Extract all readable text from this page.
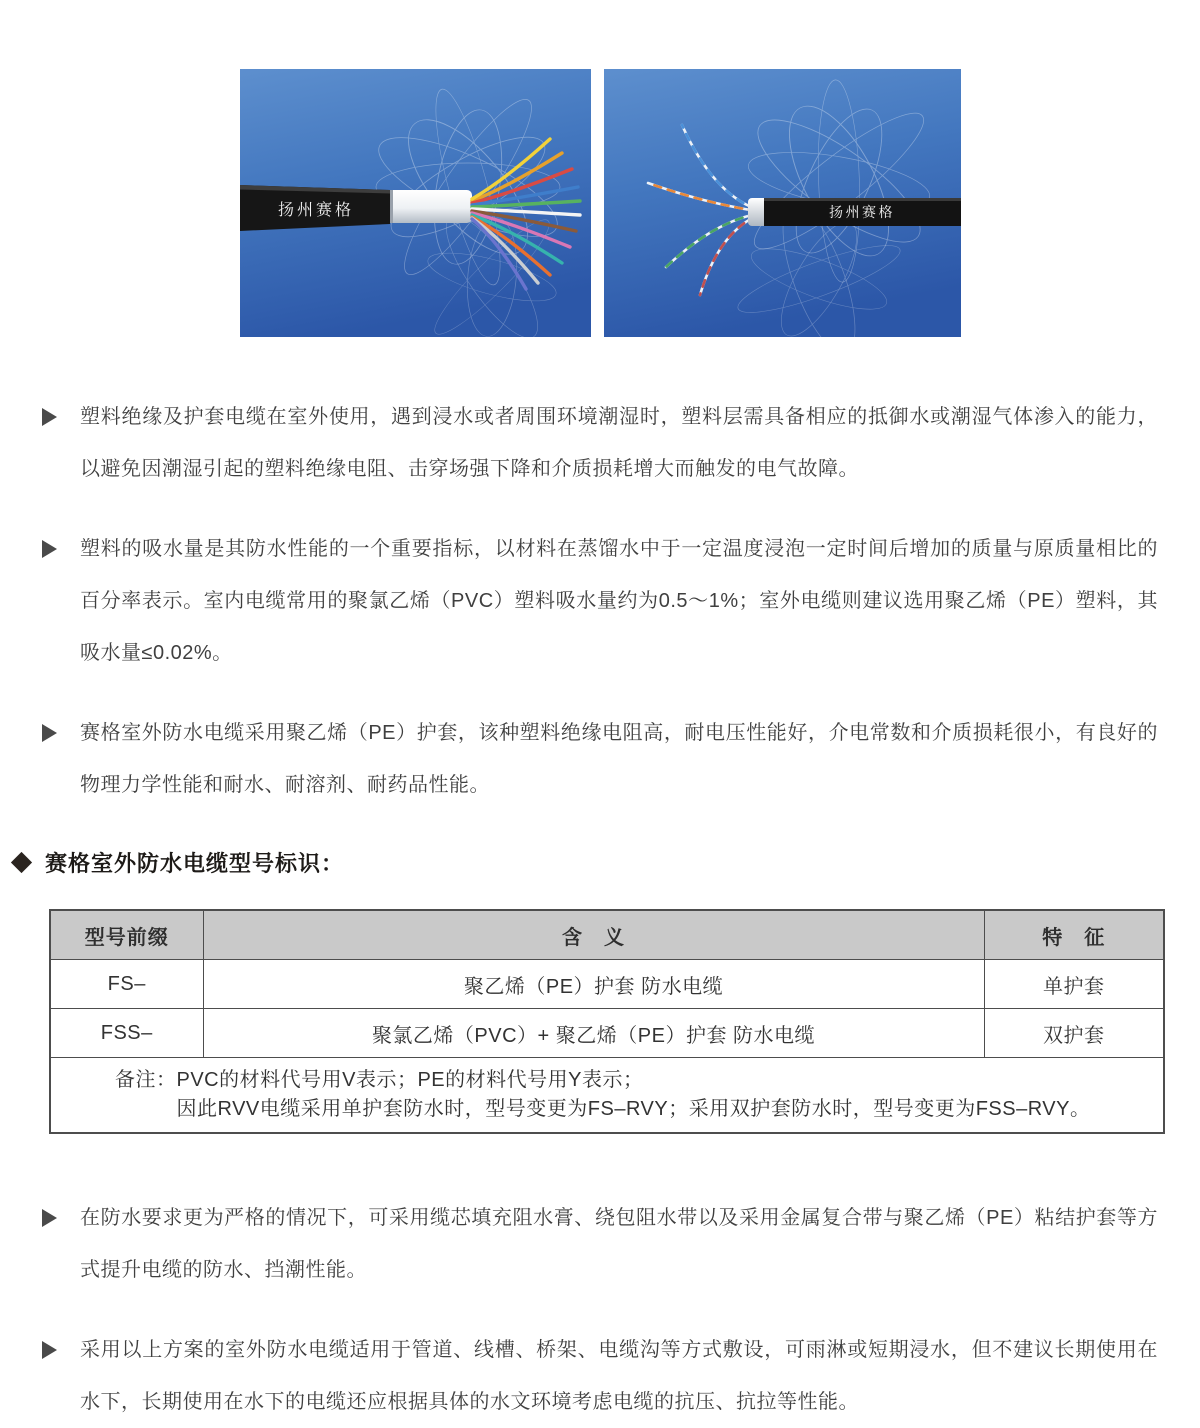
扬州赛格	扬州赛格

塑料绝缘及护套电缆在室外使用，遇到浸水或者周围环境潮湿时，塑料层需具备相应的抵御水或潮湿气体渗入的能力，以避免因潮湿引起的塑料绝缘电阻、击穿场强下降和介质损耗增大而触发的电气故障。

塑料的吸水量是其防水性能的一个重要指标，以材料在蒸馏水中于一定温度浸泡一定时间后增加的质量与原质量相比的百分率表示。室内电缆常用的聚氯乙烯（PVC）塑料吸水量约为0.5～1%；室外电缆则建议选用聚乙烯（PE）塑料，其吸水量≤0.02%。

赛格室外防水电缆采用聚乙烯（PE）护套，该种塑料绝缘电阻高，耐电压性能好，介电常数和介质损耗很小，有良好的物理力学性能和耐水、耐溶剂、耐药品性能。

赛格室外防水电缆型号标识：
型号前缀	含　义	特　征
FS–	聚乙烯（PE）护套 防水电缆	单护套
FSS–	聚氯乙烯（PVC）+ 聚乙烯（PE）护套 防水电缆	双护套

备注： PVC的材料代号用V表示；PE的材料代号用Y表示；
因此RVV电缆采用单护套防水时，型号变更为FS–RVY；采用双护套防水时，型号变更为FSS–RVY。		

在防水要求更为严格的情况下，可采用缆芯填充阻水膏、绕包阻水带以及采用金属复合带与聚乙烯（PE）粘结护套等方式提升电缆的防水、挡潮性能。

采用以上方案的室外防水电缆适用于管道、线槽、桥架、电缆沟等方式敷设，可雨淋或短期浸水，但不建议长期使用在水下，长期使用在水下的电缆还应根据具体的水文环境考虑电缆的抗压、抗拉等性能。
